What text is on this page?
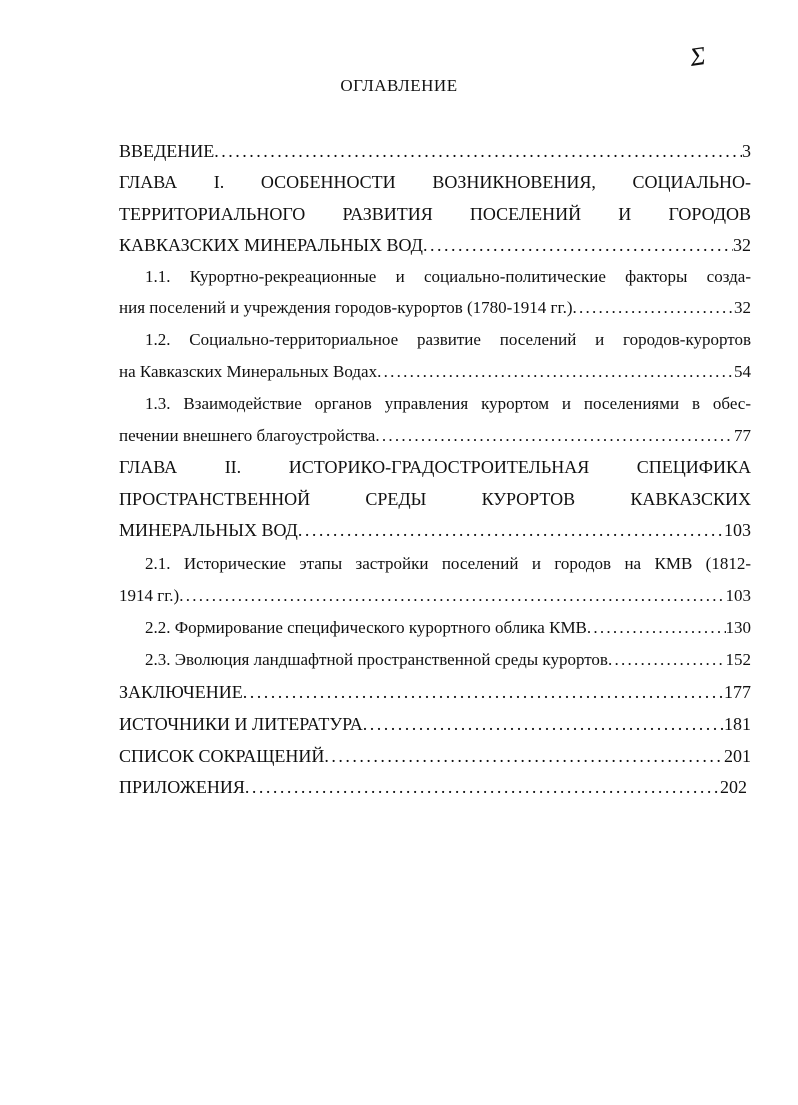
Σ
ОГЛАВЛЕНИЕ
ВВЕДЕНИЕ . . .	3
ГЛАВА I. ОСОБЕННОСТИ ВОЗНИКНОВЕНИЯ, СОЦИАЛЬНО-
ТЕРРИТОРИАЛЬНОГО РАЗВИТИЯ ПОСЕЛЕНИЙ И ГОРОДОВ
КАВКАЗСКИХ МИНЕРАЛЬНЫХ ВОД . . .	32
1.1. Курортно-рекреационные и социально-политические факторы созда-
ния поселений и учреждения городов-курортов (1780-1914 гг.) . . .	32
1.2. Социально-территориальное развитие поселений и городов-курортов
на Кавказских Минеральных Водах . . .	54
1.3. Взаимодействие органов управления курортом и поселениями в обес-
печении внешнего благоустройства . . .	77
ГЛАВА II.	ИСТОРИКО-ГРАДОСТРОИТЕЛЬНАЯ	СПЕЦИФИКА
ПРОСТРАНСТВЕННОЙ	СРЕДЫ	КУРОРТОВ	КАВКАЗСКИХ
МИНЕРАЛЬНЫХ ВОД . . .	103
2.1. Исторические этапы застройки поселений и городов на КМВ (1812-
1914 гг.) . . .	103
2.2. Формирование специфического курортного облика КМВ . . .	130
2.3. Эволюция ландшафтной пространственной среды курортов . . .	152
ЗАКЛЮЧЕНИЕ . . .	177
ИСТОЧНИКИ И ЛИТЕРАТУРА . . .	181
СПИСОК СОКРАЩЕНИЙ . . .	201
ПРИЛОЖЕНИЯ . . .	202
